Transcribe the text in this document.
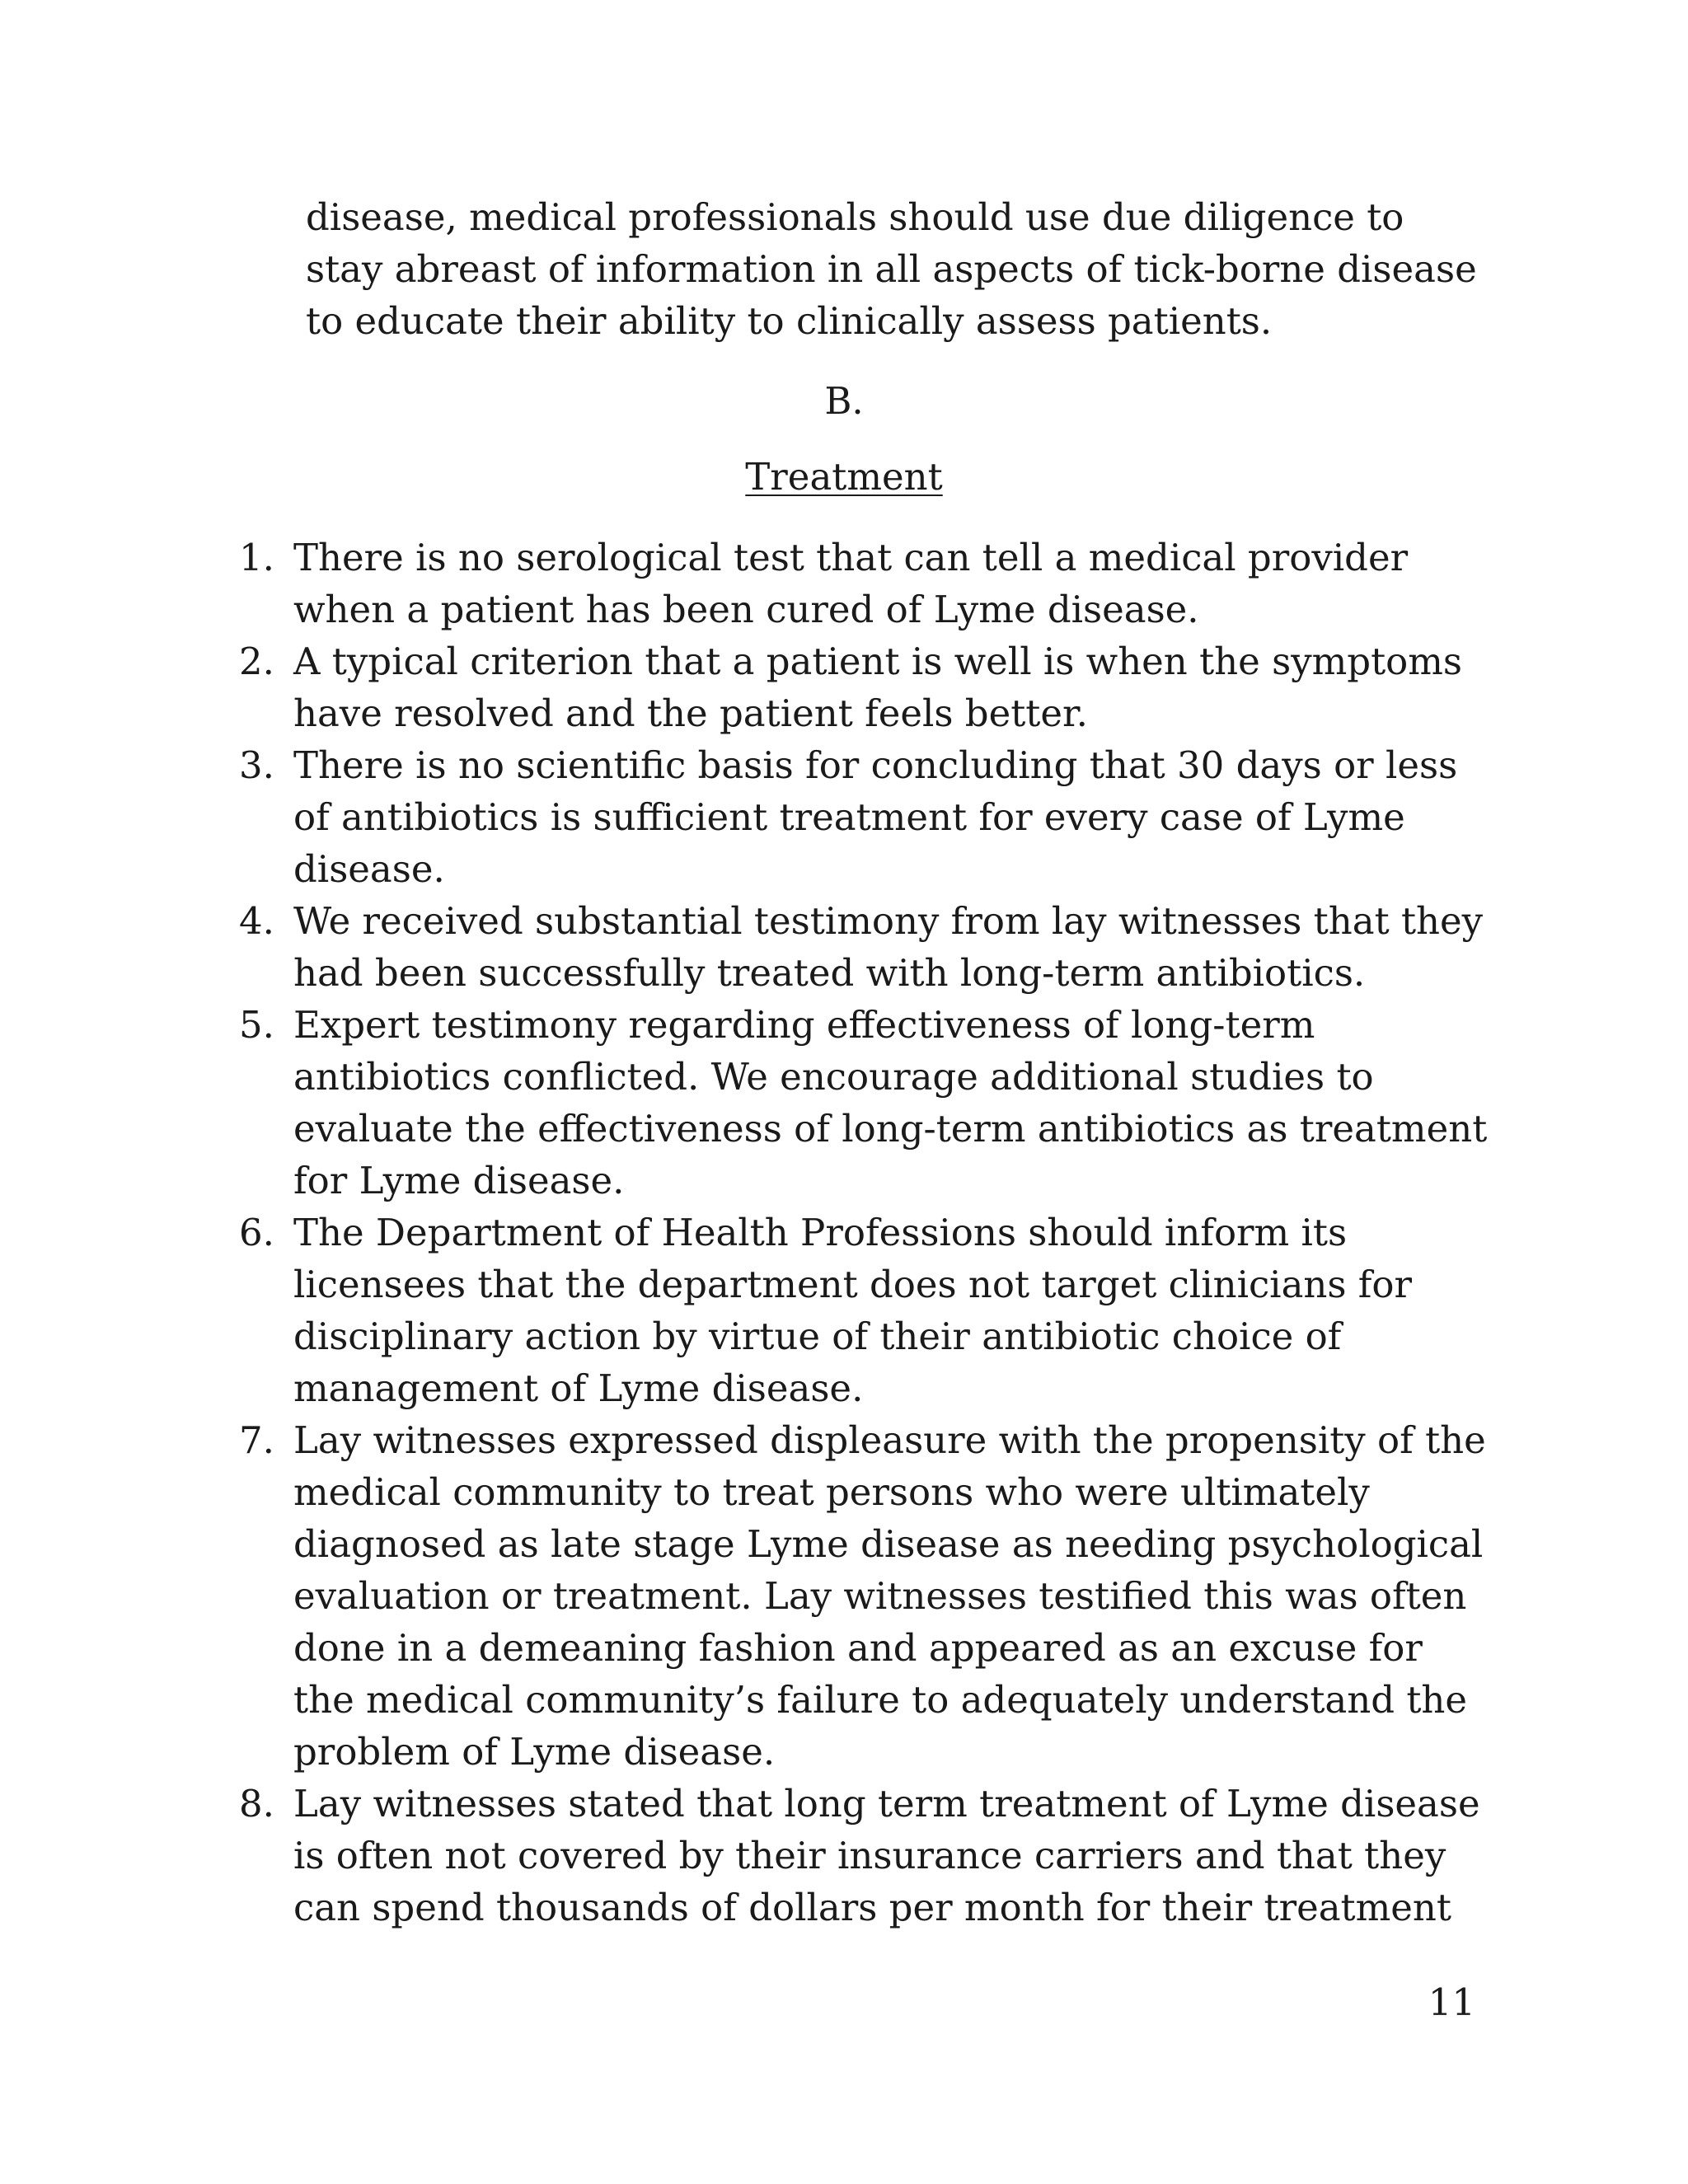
disease, medical professionals should use due diligence to
stay abreast of information in all aspects of tick-borne disease
to educate their ability to clinically assess patients.

B.

Treatment
1. There is no serological test that can tell a medical provider
when a patient has been cured of Lyme disease.
2. A typical criterion that a patient is well is when the symptoms
have resolved and the patient feels better.
3. There is no scientific basis for concluding that 30 days or less
of antibiotics is sufficient treatment for every case of Lyme
disease.
4. We received substantial testimony from lay witnesses that they
had been successfully treated with long-term antibiotics.
5. Expert testimony regarding effectiveness of long-term
antibiotics conflicted. We encourage additional studies to
evaluate the effectiveness of long-term antibiotics as treatment
for Lyme disease.
6. The Department of Health Professions should inform its
licensees that the department does not target clinicians for
disciplinary action by virtue of their antibiotic choice of
management of Lyme disease.
7. Lay witnesses expressed displeasure with the propensity of the
medical community to treat persons who were ultimately
diagnosed as late stage Lyme disease as needing psychological
evaluation or treatment. Lay witnesses testified this was often
done in a demeaning fashion and appeared as an excuse for
the medical community’s failure to adequately understand the
problem of Lyme disease.
8. Lay witnesses stated that long term treatment of Lyme disease
is often not covered by their insurance carriers and that they
can spend thousands of dollars per month for their treatment

11
